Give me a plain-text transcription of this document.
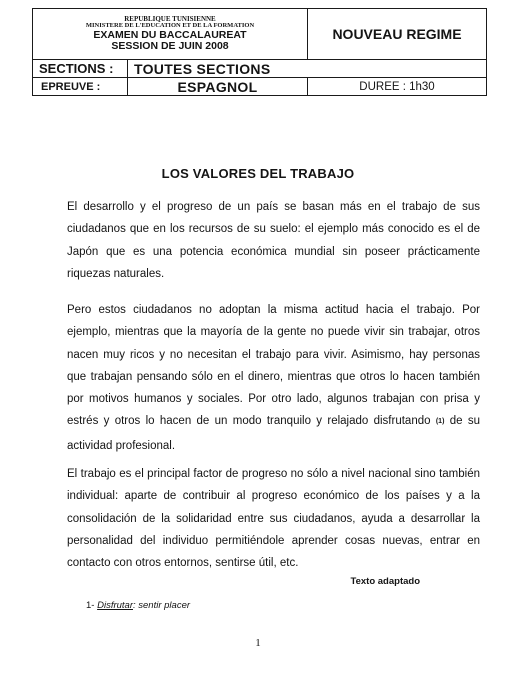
REPUBLIQUE TUNISIENNE
MINISTERE DE L'EDUCATION ET DE LA FORMATION
EXAMEN DU BACCALAUREAT
SESSION DE JUIN 2008		NOUVEAU REGIME
SECTIONS :	TOUTES SECTIONS	
EPREUVE :	ESPAGNOL	DUREE : 1h30
LOS VALORES DEL TRABAJO

El desarrollo y el progreso de un país se basan más en el trabajo de sus ciudadanos que en los recursos de su suelo: el ejemplo más conocido es el de Japón que es una potencia económica mundial sin poseer prácticamente riquezas naturales.

Pero estos ciudadanos no adoptan la misma actitud hacia el trabajo. Por ejemplo, mientras que la mayoría de la gente no puede vivir sin trabajar, otros nacen muy ricos y no necesitan el trabajo para vivir. Asimismo, hay personas que trabajan pensando sólo en el dinero, mientras que otros lo hacen también por motivos humanos y sociales. Por otro lado, algunos trabajan con prisa y estrés y otros lo hacen de un modo tranquilo y relajado disfrutando $^{(1)}$ de su actividad profesional.

El trabajo es el principal factor de progreso no sólo a nivel nacional sino también individual: aparte de contribuir al progreso económico de los países y a la consolidación de la solidaridad entre sus ciudadanos, ayuda a desarrollar la personalidad del individuo permitiéndole aprender cosas nuevas, entrar en contacto con otros entornos, sentirse útil, etc.

Texto adaptado
1- Disfrutar: sentir placer
1
